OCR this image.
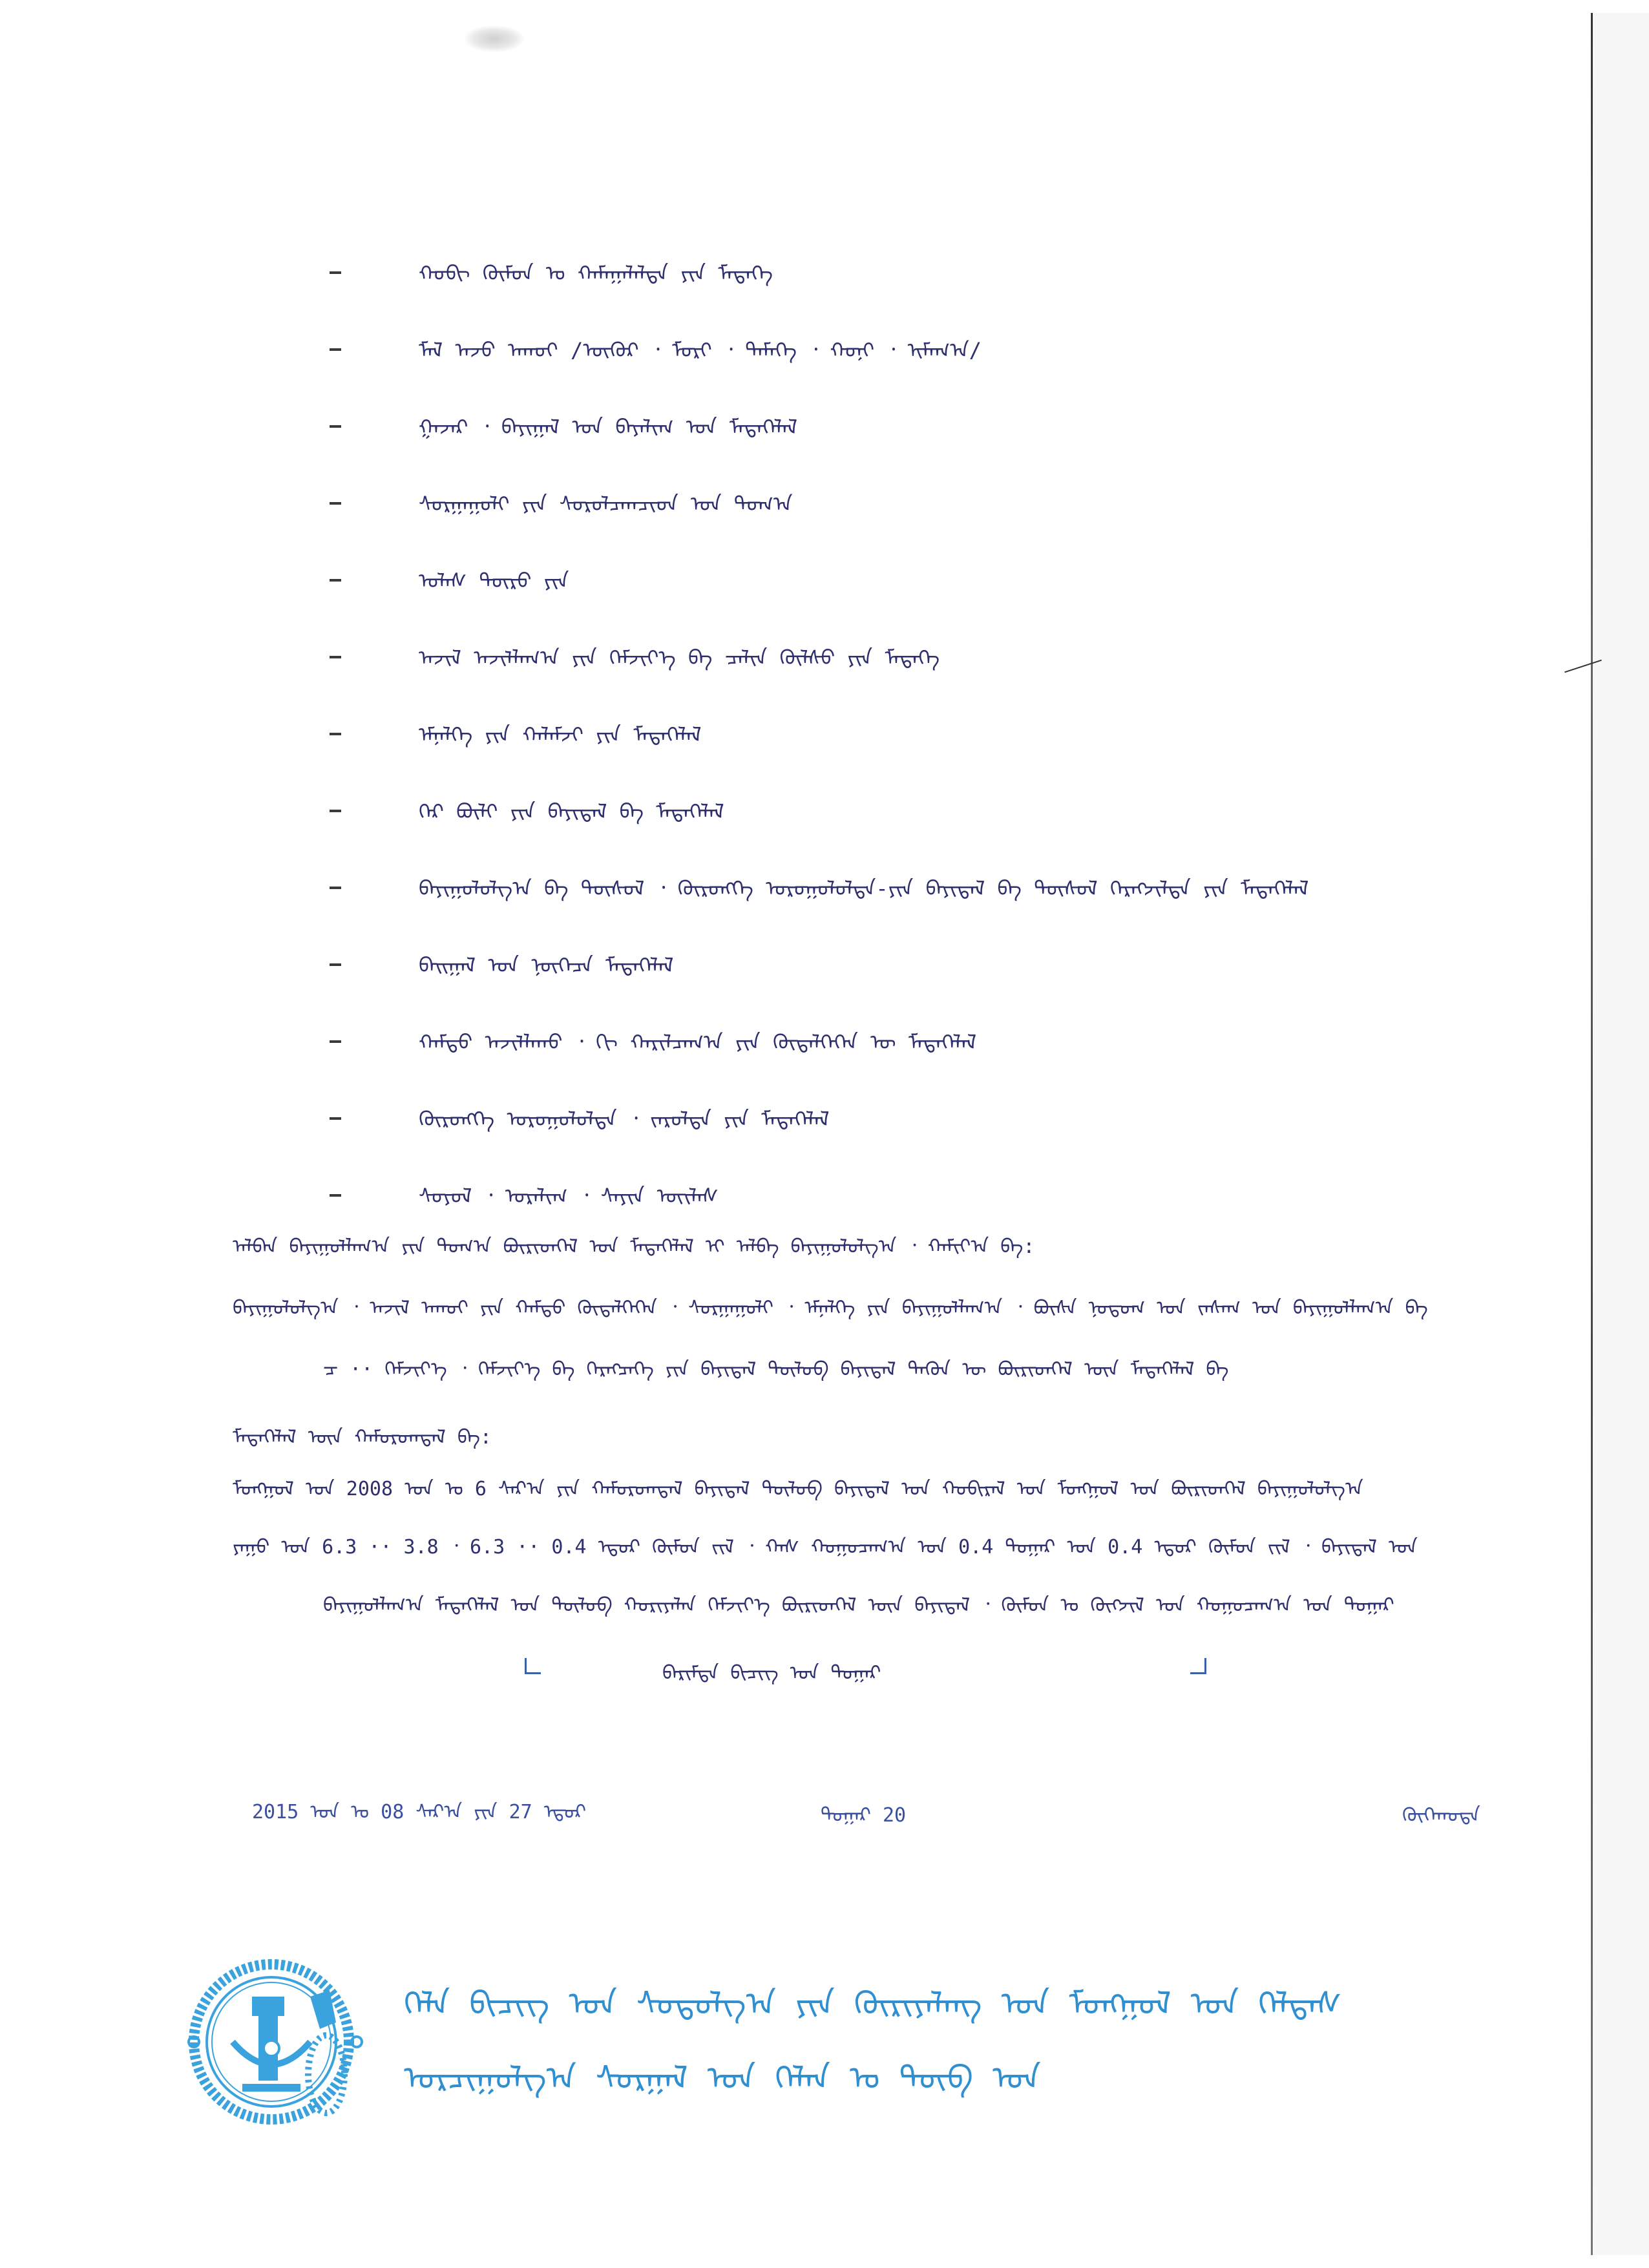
ᠬᠤᠪᠢ ᠬᠦᠮᠦᠨ ᠤ ᠬᠠᠮᠠᠭᠠᠯᠠᠯᠲᠠ ᠶᠢᠨ ᠮᠡᠳᠡᠭᠡ
ᠮᠠᠯ ᠠᠵᠤ ᠠᠬᠤᠢ /ᠦᠬᠦᠷ ᠂ ᠮᠣᠷᠢ ᠂ ᠲᠡᠮᠡᠭᠡ ᠂ ᠬᠣᠨᠢ ᠂ ᠢᠮᠠᠭ᠎ᠠ/
ᠭᠠᠵᠠᠷ ᠂ ᠪᠠᠶᠢᠭᠠᠯ ᠤᠨ ᠪᠠᠶᠠᠯᠢᠭ ᠤᠨ ᠮᠡᠳᠡᠭᠡᠯᠡᠯ
ᠰᠤᠷᠭᠠᠭᠤᠯᠢ ᠶᠢᠨ ᠰᠤᠷᠤᠯᠴᠠᠭᠴᠢᠳ ᠤᠨ ᠲᠣᠭ᠎ᠠ
ᠤᠯᠠᠰ ᠲᠥᠷᠦ ᠶᠢᠨ
ᠠᠵᠢᠯ ᠠᠵᠢᠯᠯᠠᠭ᠎ᠠ ᠶᠢᠨ ᠬᠡᠮᠵᠢᠶ᠎ᠡ ᠪᠠ ᠴᠠᠯᠢᠨ ᠬᠥᠯᠰᠦ ᠶᠢᠨ ᠮᠡᠳᠡᠭᠡ
ᠡᠮᠨᠡᠯᠭᠡ ᠶᠢᠨ ᠬᠠᠯᠠᠮᠵᠢ ᠶᠢᠨ ᠮᠡᠳᠡᠭᠡᠯᠡᠯ
ᠭᠡᠷ ᠪᠦᠯᠢ ᠶᠢᠨ ᠪᠠᠶᠢᠳᠠᠯ ᠪᠠ ᠮᠡᠳᠡᠭᠡᠯᠡᠯ
ᠪᠠᠶᠢᠭᠤᠯᠤᠯᠭ᠎ᠠ ᠪᠠ ᠲᠥᠰᠦᠯ ᠂ ᠬᠥᠷᠥᠩᠭᠡ ᠣᠷᠤᠭᠤᠯᠤᠯᠲᠠ-ᠶᠢᠨ ᠪᠠᠶᠢᠳᠠᠯ ᠪᠠ ᠲᠥᠰᠦᠯ ᠬᠡᠷᠡᠭᠵᠢᠯᠲᠡ ᠶᠢᠨ ᠮᠡᠳᠡᠭᠡᠯᠡᠯ
ᠪᠠᠢᠭᠠᠯ ᠤᠨ ᠨᠥᠭᠡᠴᠡ ᠮᠡᠳᠡᠭᠡᠯᠡᠯ
ᠬᠠᠮᠲᠤ ᠠᠵᠢᠯᠯᠠᠬᠤ ᠂ ᠬᠢ ᠬᠠᠷᠢᠯᠴᠠᠭ᠎ᠠ ᠶᠢᠨ ᠬᠥᠳᠡᠯᠭᠡᠭᠡᠨ ᠦ ᠮᠡᠳᠡᠭᠡᠯᠡᠯ
ᠬᠥᠷᠥᠩᠭᠡ ᠣᠷᠤᠭᠤᠯᠤᠯᠲᠠ ᠂ ᠵᠠᠷᠤᠯᠲᠠ ᠶᠢᠨ ᠮᠡᠳᠡᠭᠡᠯᠡᠯ
ᠰᠣᠶᠣᠯ ᠂ ᠤᠷᠠᠯᠢᠭ ᠂ ᠰᠠᠶᠢᠨ ᠦᠢᠯᠡᠰ
ᠠᠯᠪᠠᠨ ᠪᠠᠶᠢᠭᠤᠯᠯᠠᠭ᠎ᠠ ᠶᠢᠨ ᠲᠣᠭ᠎ᠠ ᠪᠦᠷᠢᠳᠬᠡᠯ ᠤᠨ ᠮᠡᠳᠡᠭᠡᠯᠡᠯ ᠢ ᠠᠯᠪᠠ ᠪᠠᠶᠢᠭᠤᠯᠤᠯᠭ᠎ᠠ ᠂ ᠬᠠᠮᠢᠶ᠎ᠠ ᠪᠠ:
ᠪᠠᠶᠢᠭᠤᠯᠤᠯᠭ᠎ᠠ ᠂ ᠠᠵᠢᠯ ᠠᠬᠤᠢ ᠶᠢᠨ ᠬᠠᠮᠲᠤ ᠬᠥᠳᠡᠯᠭᠡᠭᠡᠨ ᠂ ᠰᠤᠷᠭᠠᠭᠤᠯᠢ ᠂ ᠡᠮᠨᠡᠯᠭᠡ ᠶᠢᠨ ᠪᠠᠶᠢᠭᠤᠯᠯᠠᠭ᠎ᠠ ᠂ ᠪᠦᠰᠡ ᠨᠤᠲᠤᠭ ᠤᠨ ᠵᠠᠰᠠᠭ ᠤᠨ ᠪᠠᠶᠢᠭᠤᠯᠯᠠᠭ᠎ᠠ ᠪᠠ
ᠴ ·· ᠬᠡᠮᠵᠢᠶ᠎ᠡ ᠂ ᠬᠡᠮᠵᠢᠶ᠎ᠡ ᠪᠠ ᠬᠡᠷᠡᠭᠴᠡᠭᠡ ᠶᠢᠨ ᠪᠠᠶᠢᠳᠠᠯ ᠲᠥᠯᠦᠪ ᠪᠠᠶᠢᠳᠠᠯ ᠲᠡᠭᠦᠨ ᠦ ᠪᠦᠷᠢᠳᠬᠡᠯ ᠦᠨ ᠮᠡᠳᠡᠭᠡᠯᠡᠯ ᠪᠠ
ᠮᠡᠳᠡᠭᠡᠯᠡᠯ ᠦᠨ ᠬᠠᠮᠤᠷᠤᠭᠳᠠᠯ ᠪᠠ:
ᠮᠣᠩᠭᠣᠯ ᠤᠨ 2008 ᠣᠨ ᠤ 6 ᠰᠠᠷ᠎ᠠ ᠶᠢᠨ ᠬᠠᠮᠤᠷᠤᠭᠳᠠᠯ ᠪᠠᠶᠢᠳᠠᠯ ᠲᠥᠯᠦᠪ ᠪᠠᠶᠢᠳᠠᠯ ᠤᠨ ᠬᠤᠪᠢᠷᠠᠯ ᠤᠨ ᠮᠣᠩᠭᠣᠯ ᠤᠨ ᠪᠦᠷᠢᠳᠬᠡᠯ ᠪᠠᠶᠢᠭᠤᠯᠤᠯᠭ᠎ᠠ
ᠶᠠᠭᠤ ᠤᠨ 6.3 ·· 3.8 ᠂ 6.3 ·· 0.4 ᠡᠳᠦᠷ ᠬᠥᠮᠦᠨ ᠵᠢᠯ ᠂ ᠬᠠᠰ ᠬᠤᠭᠤᠴᠠᠭ᠎ᠠ ᠤᠨ 0.4 ᠳᠤᠭᠠᠷ ᠤᠨ 0.4 ᠡᠳᠦᠷ ᠬᠥᠮᠦᠨ ᠵᠢᠯ ᠂ ᠪᠠᠶᠢᠳᠠᠯ ᠤᠨ
ᠪᠠᠶᠢᠭᠤᠯᠯᠠᠭ᠎ᠠ ᠮᠡᠳᠡᠭᠡᠯᠡᠯ ᠤᠨ ᠲᠥᠯᠦᠪ ᠬᠤᠷᠢᠶᠠᠯᠠᠨ ᠬᠡᠮᠵᠢᠶ᠎ᠡ ᠪᠦᠷᠢᠳᠬᠡᠯ ᠦᠨ ᠪᠠᠶᠢᠳᠠᠯ ᠂ ᠬᠦᠮᠦᠨ ᠤ ᠬᠥᠭᠵᠢᠯ ᠤᠨ ᠬᠤᠭᠤᠴᠠᠭ᠎ᠠ ᠤᠨ ᠳᠤᠭᠠᠷ
ᠪᠠᠷᠢᠮᠲᠠ ᠪᠢᠴᠢᠭ ᠤᠨ ᠳᠤᠭᠠᠷ
2015 ᠣᠨ ᠤ 08 ᠰᠠᠷ᠎ᠠ ᠶᠢᠨ 27 ᠡᠳᠦᠷ	ᠳᠤᠭᠠᠷ 20	ᠬᠥᠬᠡᠬᠣᠲᠠ
ᠬᠡᠯᠡ ᠪᠢᠴᠢᠭ ᠤᠨ ᠰᠤᠳᠤᠯᠭ᠎ᠠ ᠶᠢᠨ ᠬᠦᠷᠢᠶᠡᠯᠡᠩ ᠤᠨ ᠮᠣᠩᠭᠣᠯ ᠤᠨ ᠬᠡᠯᠲᠡᠰ
ᠣᠷᠴᠢᠭᠤᠯᠭ᠎ᠠ ᠰᠤᠷᠭᠠᠯ ᠤᠨ ᠬᠡᠯᠡᠨ ᠤ ᠲᠥᠪ ᠤᠨ
